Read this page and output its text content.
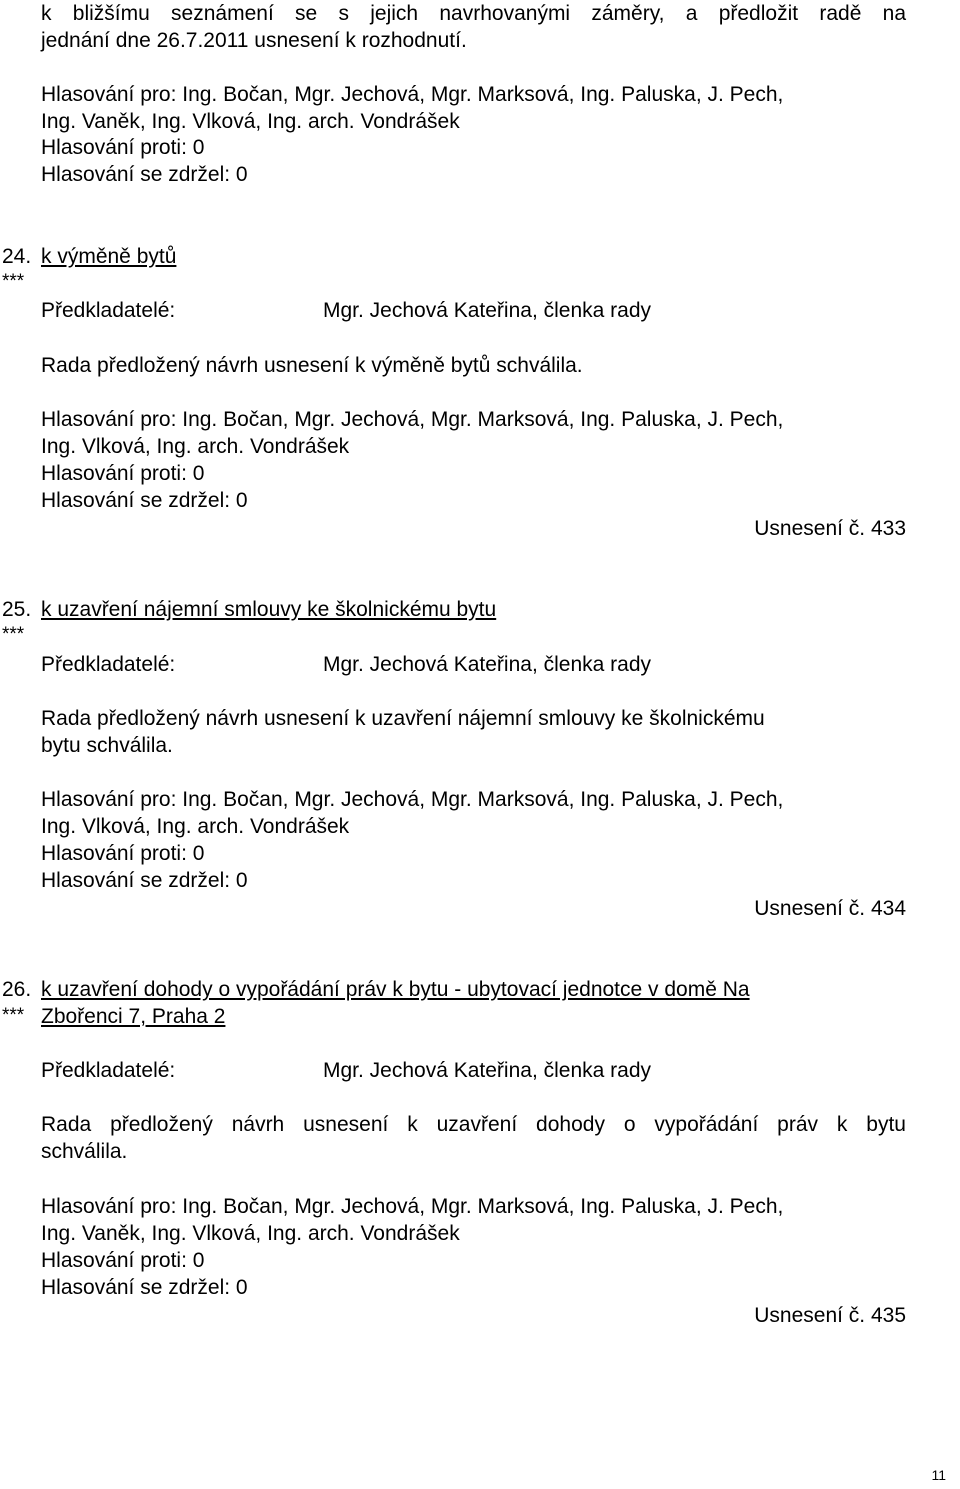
k bližšímu seznámení se s jejich navrhovanými záměry, a předložit radě na
jednání dne 26.7.2011 usnesení k rozhodnutí.
Hlasování pro: Ing. Bočan, Mgr. Jechová, Mgr. Marksová, Ing. Paluska, J. Pech,
Ing. Vaněk, Ing. Vlková, Ing. arch. Vondrášek
Hlasování proti: 0
Hlasování se zdržel: 0
24. k výměně bytů
***
Předkladatelé:	Mgr. Jechová Kateřina, členka rady
Rada předložený návrh usnesení k výměně bytů schválila.
Hlasování pro: Ing. Bočan, Mgr. Jechová, Mgr. Marksová, Ing. Paluska, J. Pech,
Ing. Vlková, Ing. arch. Vondrášek
Hlasování proti: 0
Hlasování se zdržel: 0
Usnesení č. 433
25. k uzavření nájemní smlouvy ke školnickému bytu
***
Předkladatelé:	Mgr. Jechová Kateřina, členka rady
Rada předložený návrh usnesení k uzavření nájemní smlouvy ke školnickému
bytu schválila.
Hlasování pro: Ing. Bočan, Mgr. Jechová, Mgr. Marksová, Ing. Paluska, J. Pech,
Ing. Vlková, Ing. arch. Vondrášek
Hlasování proti: 0
Hlasování se zdržel: 0
Usnesení č. 434
26. k uzavření dohody o vypořádání práv k bytu - ubytovací jednotce v domě Na
*** Zbořenci 7, Praha 2
Předkladatelé:	Mgr. Jechová Kateřina, členka rady
Rada předložený návrh usnesení k uzavření dohody o vypořádání práv k bytu
schválila.
Hlasování pro: Ing. Bočan, Mgr. Jechová, Mgr. Marksová, Ing. Paluska, J. Pech,
Ing. Vaněk, Ing. Vlková, Ing. arch. Vondrášek
Hlasování proti: 0
Hlasování se zdržel: 0
Usnesení č. 435
11
